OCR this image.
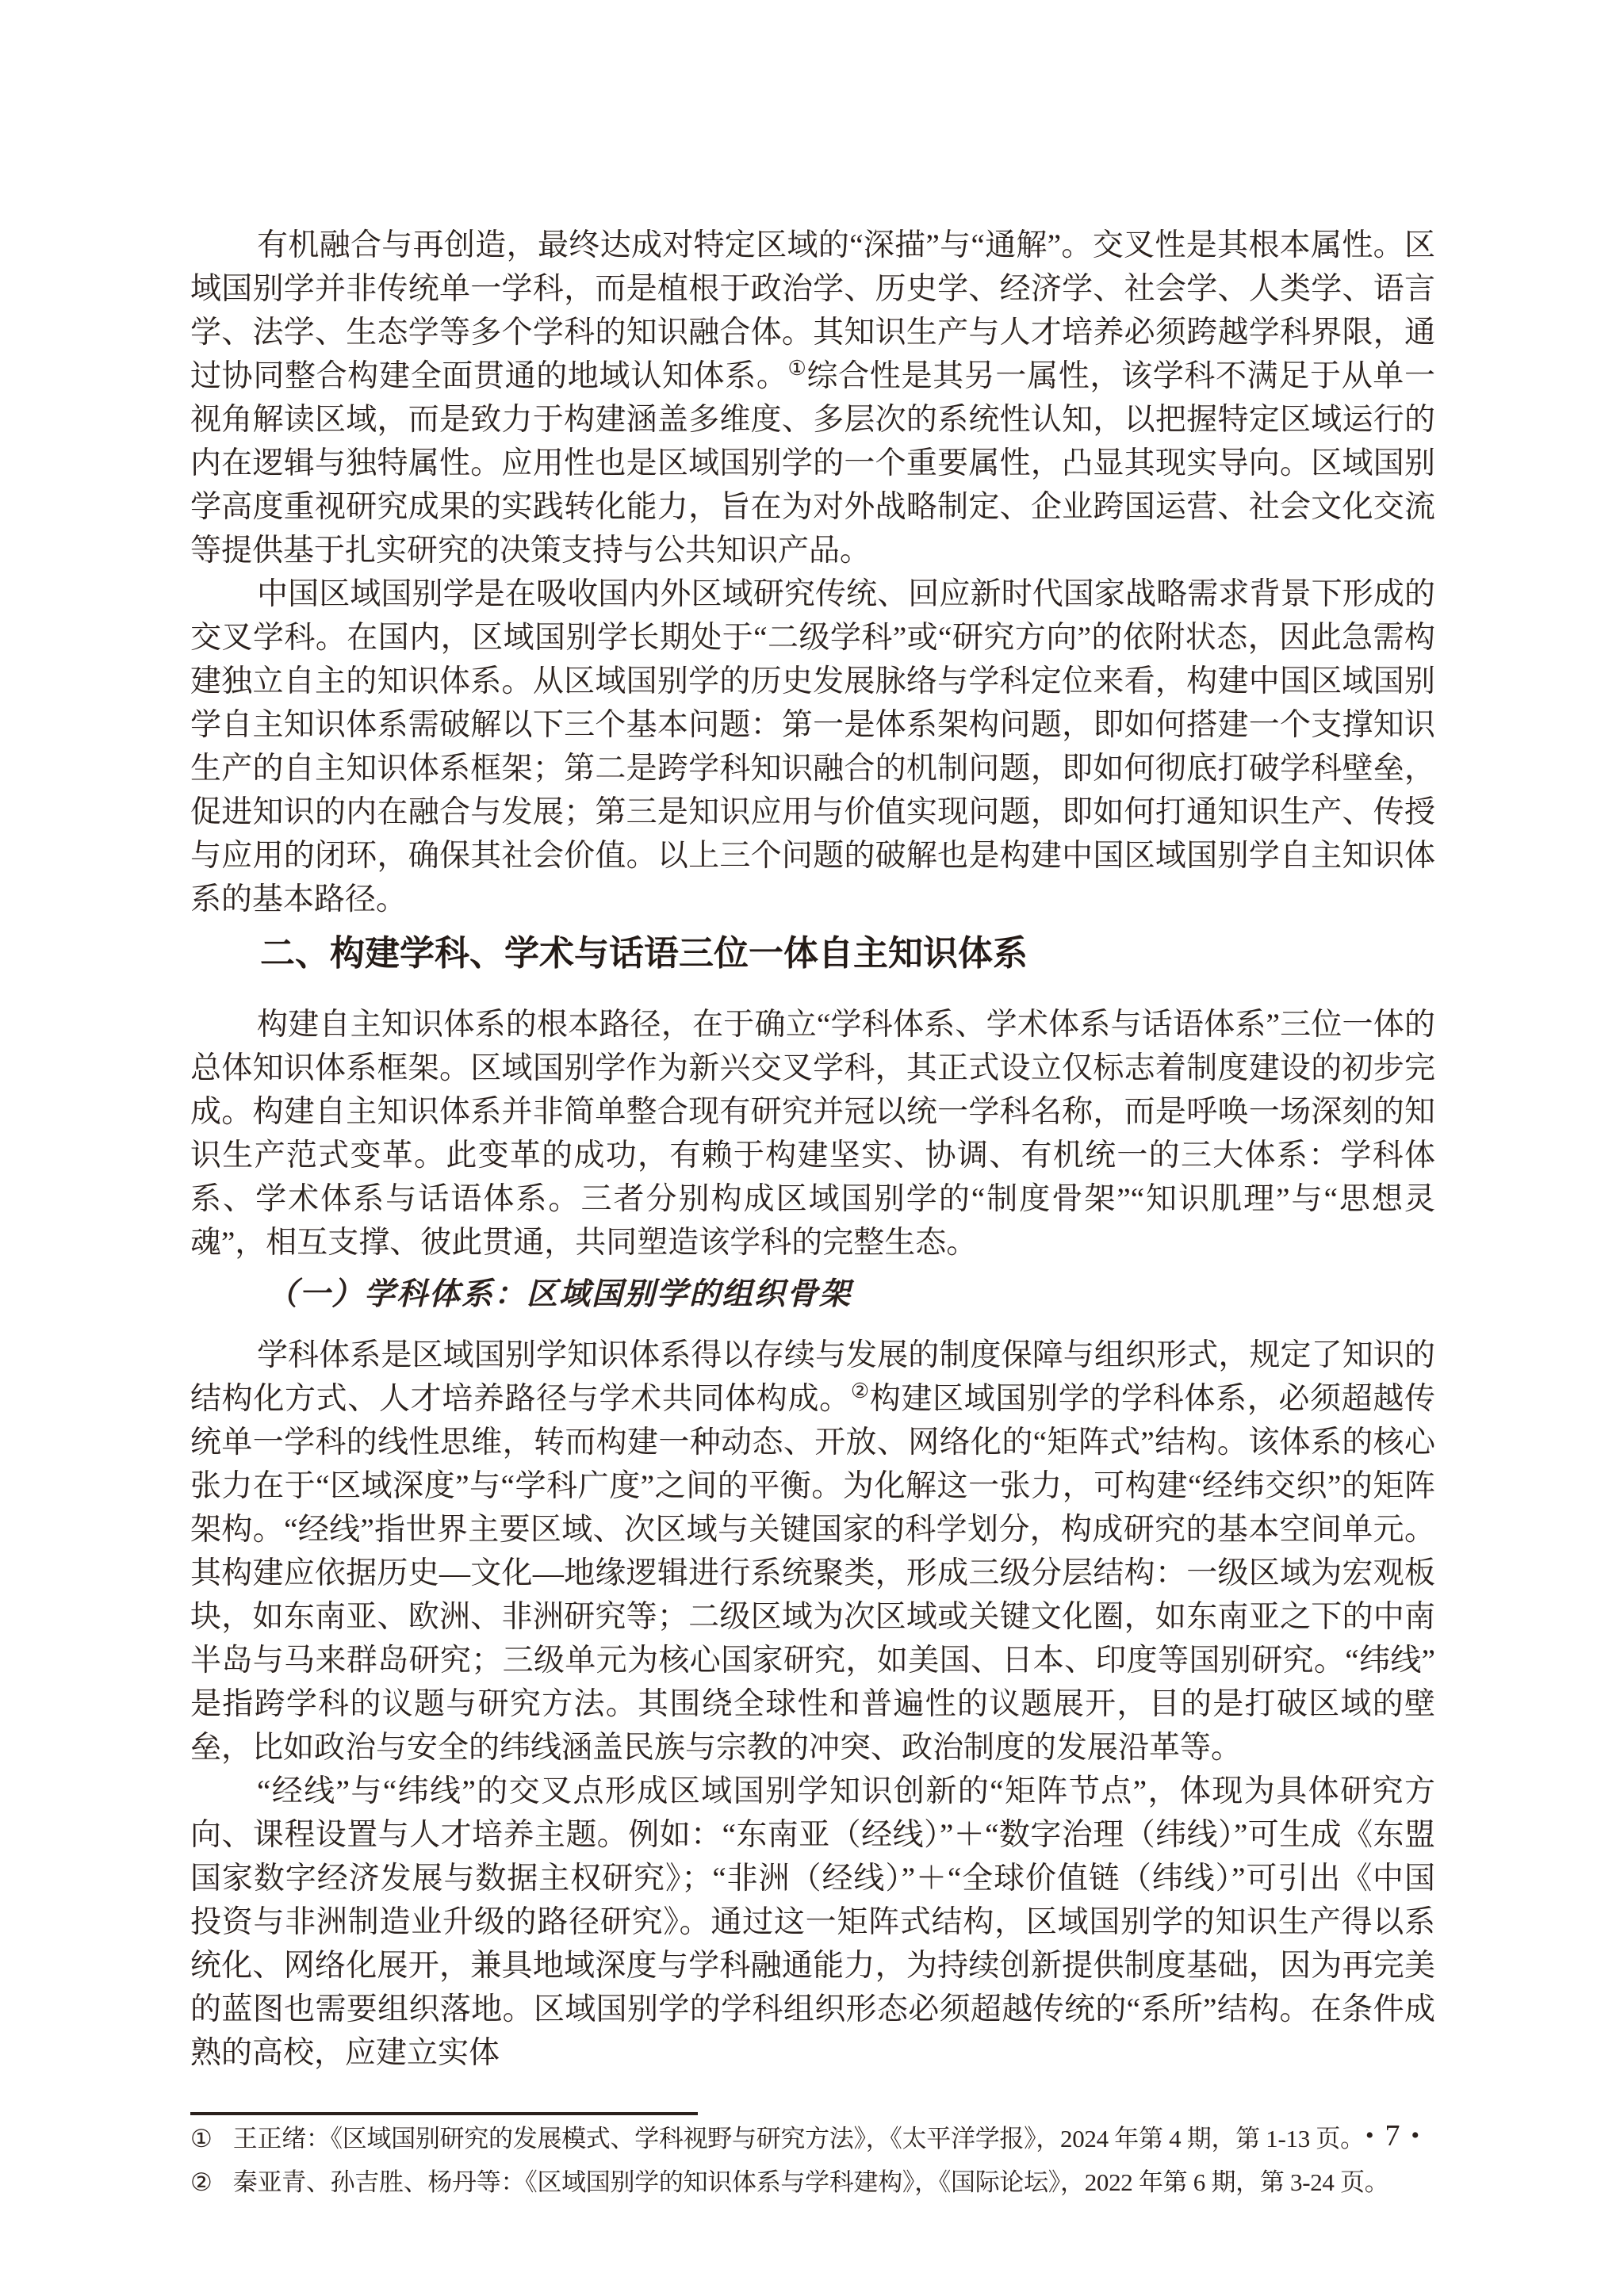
有机融合与再创造，最终达成对特定区域的“深描”与“通解”。交叉性是其根本属性。区域国别学并非传统单一学科，而是植根于政治学、历史学、经济学、社会学、人类学、语言学、法学、生态学等多个学科的知识融合体。其知识生产与人才培养必须跨越学科界限，通过协同整合构建全面贯通的地域认知体系。①综合性是其另一属性，该学科不满足于从单一视角解读区域，而是致力于构建涵盖多维度、多层次的系统性认知，以把握特定区域运行的内在逻辑与独特属性。应用性也是区域国别学的一个重要属性，凸显其现实导向。区域国别学高度重视研究成果的实践转化能力，旨在为对外战略制定、企业跨国运营、社会文化交流等提供基于扎实研究的决策支持与公共知识产品。

中国区域国别学是在吸收国内外区域研究传统、回应新时代国家战略需求背景下形成的交叉学科。在国内，区域国别学长期处于“二级学科”或“研究方向”的依附状态，因此急需构建独立自主的知识体系。从区域国别学的历史发展脉络与学科定位来看，构建中国区域国别学自主知识体系需破解以下三个基本问题：第一是体系架构问题，即如何搭建一个支撑知识生产的自主知识体系框架；第二是跨学科知识融合的机制问题，即如何彻底打破学科壁垒，促进知识的内在融合与发展；第三是知识应用与价值实现问题，即如何打通知识生产、传授与应用的闭环，确保其社会价值。以上三个问题的破解也是构建中国区域国别学自主知识体系的基本路径。

二、构建学科、学术与话语三位一体自主知识体系

构建自主知识体系的根本路径，在于确立“学科体系、学术体系与话语体系”三位一体的总体知识体系框架。区域国别学作为新兴交叉学科，其正式设立仅标志着制度建设的初步完成。构建自主知识体系并非简单整合现有研究并冠以统一学科名称，而是呼唤一场深刻的知识生产范式变革。此变革的成功，有赖于构建坚实、协调、有机统一的三大体系：学科体系、学术体系与话语体系。三者分别构成区域国别学的“制度骨架”“知识肌理”与“思想灵魂”，相互支撑、彼此贯通，共同塑造该学科的完整生态。

（一）学科体系：区域国别学的组织骨架

学科体系是区域国别学知识体系得以存续与发展的制度保障与组织形式，规定了知识的结构化方式、人才培养路径与学术共同体构成。②构建区域国别学的学科体系，必须超越传统单一学科的线性思维，转而构建一种动态、开放、网络化的“矩阵式”结构。该体系的核心张力在于“区域深度”与“学科广度”之间的平衡。为化解这一张力，可构建“经纬交织”的矩阵架构。“经线”指世界主要区域、次区域与关键国家的科学划分，构成研究的基本空间单元。其构建应依据历史—文化—地缘逻辑进行系统聚类，形成三级分层结构：一级区域为宏观板块，如东南亚、欧洲、非洲研究等；二级区域为次区域或关键文化圈，如东南亚之下的中南半岛与马来群岛研究；三级单元为核心国家研究，如美国、日本、印度等国别研究。“纬线”是指跨学科的议题与研究方法。其围绕全球性和普遍性的议题展开，目的是打破区域的壁垒，比如政治与安全的纬线涵盖民族与宗教的冲突、政治制度的发展沿革等。

“经线”与“纬线”的交叉点形成区域国别学知识创新的“矩阵节点”，体现为具体研究方向、课程设置与人才培养主题。例如：“东南亚（经线）”＋“数字治理（纬线）”可生成《东盟国家数字经济发展与数据主权研究》；“非洲（经线）”＋“全球价值链（纬线）”可引出《中国投资与非洲制造业升级的路径研究》。通过这一矩阵式结构，区域国别学的知识生产得以系统化、网络化展开，兼具地域深度与学科融通能力，为持续创新提供制度基础，因为再完美的蓝图也需要组织落地。区域国别学的学科组织形态必须超越传统的“系所”结构。在条件成熟的高校，应建立实体

① 王正绪：《区域国别研究的发展模式、学科视野与研究方法》，《太平洋学报》，2024 年第 4 期，第 1-13 页。
② 秦亚青、孙吉胜、杨丹等：《区域国别学的知识体系与学科建构》，《国际论坛》，2022 年第 6 期，第 3-24 页。
• 7 •
